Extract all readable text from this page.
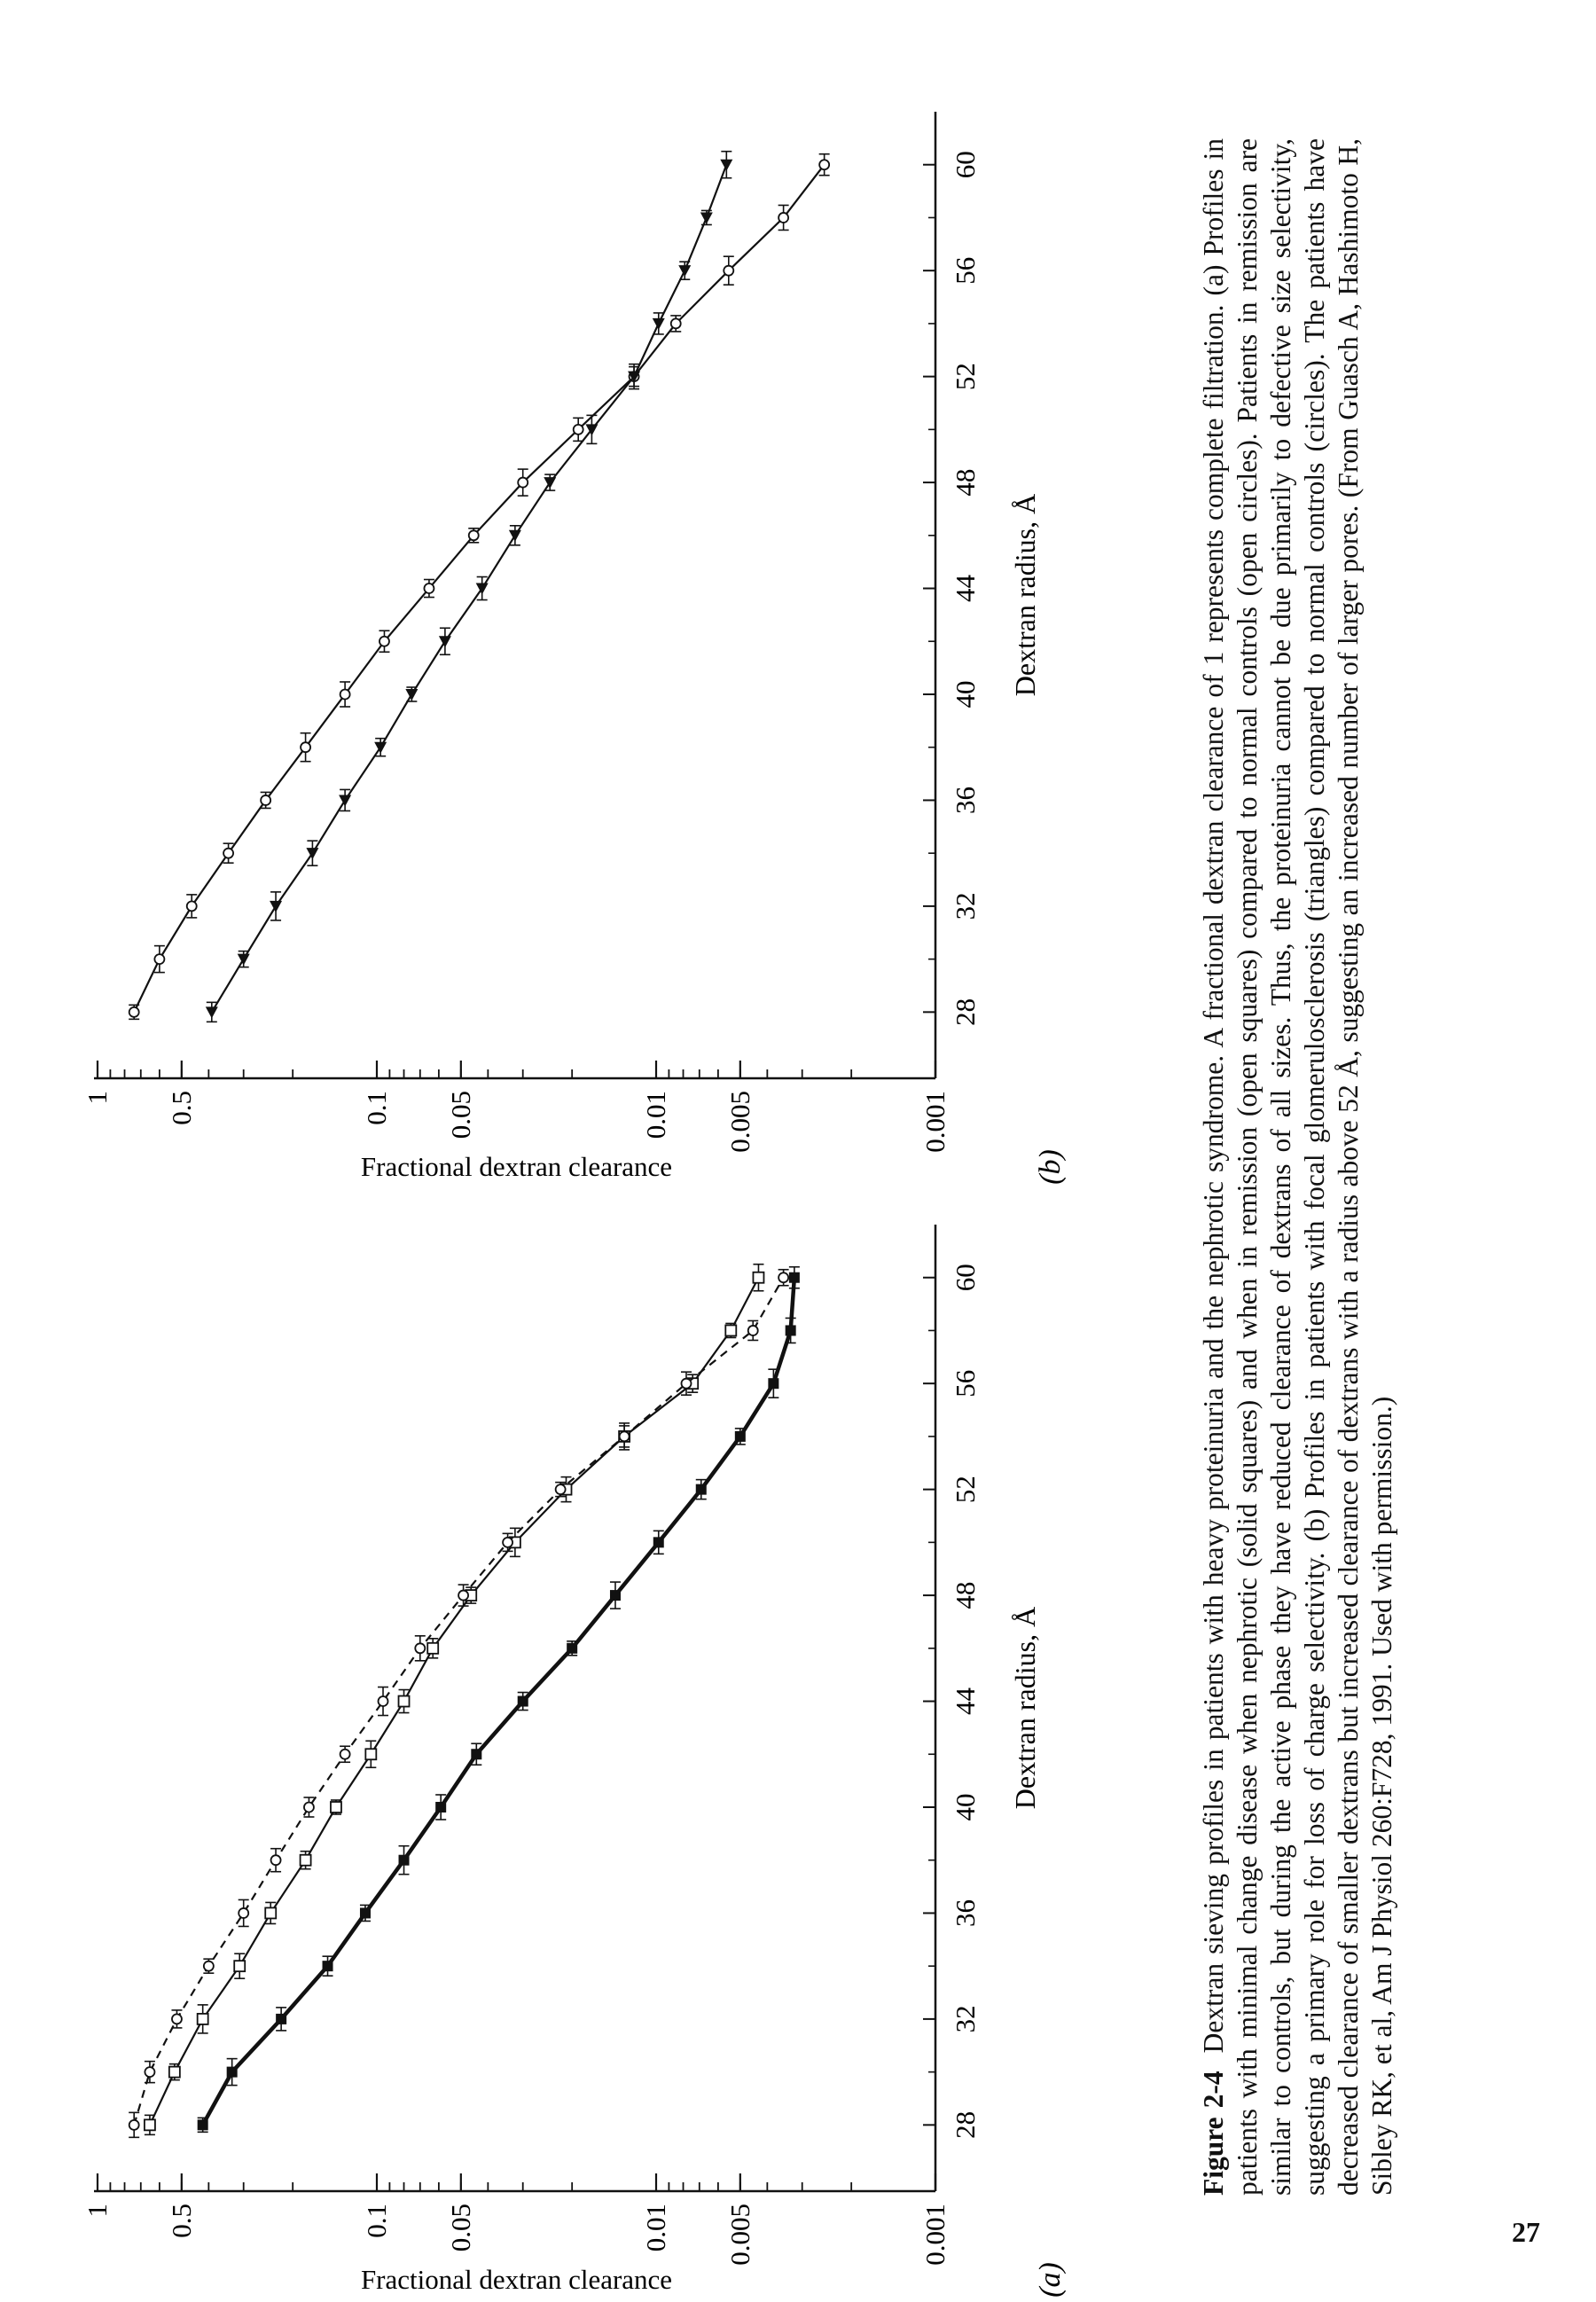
1 0.5	0.1 0.05	0.01 0.005	0.001
28
32
36
40
44
48
52
56
60
Dextran radius, Å
Fractional dextran clearance	(a)
1 0.5	0.1 0.05	0.01 0.005	0.001
28
32
36
40
44
48
52
56
60
Dextran radius, Å
Fractional dextran clearance	(b)
Figure 2-4  Dextran sieving profiles in patients with heavy proteinuria and the nephrotic syndrome. A fractional dextran clearance of 1 represents complete filtration. (a) Profiles in patients with minimal change disease when nephrotic (solid squares) and when in remission (open squares) compared to normal controls (open circles). Patients in remission are similar to controls, but during the active phase they have reduced clearance of dextrans of all sizes. Thus, the proteinuria cannot be due primarily to defective size selectivity, suggesting a primary role for loss of charge selectivity. (b) Profiles in patients with focal glomerulosclerosis (triangles) compared to normal controls (circles). The patients have decreased clearance of smaller dextrans but increased clearance of dextrans with a radius above 52 Å, suggesting an increased number of larger pores. (From Guasch A, Hashimoto H, Sibley RK, et al, Am J Physiol 260:F728, 1991. Used with permission.)
27
